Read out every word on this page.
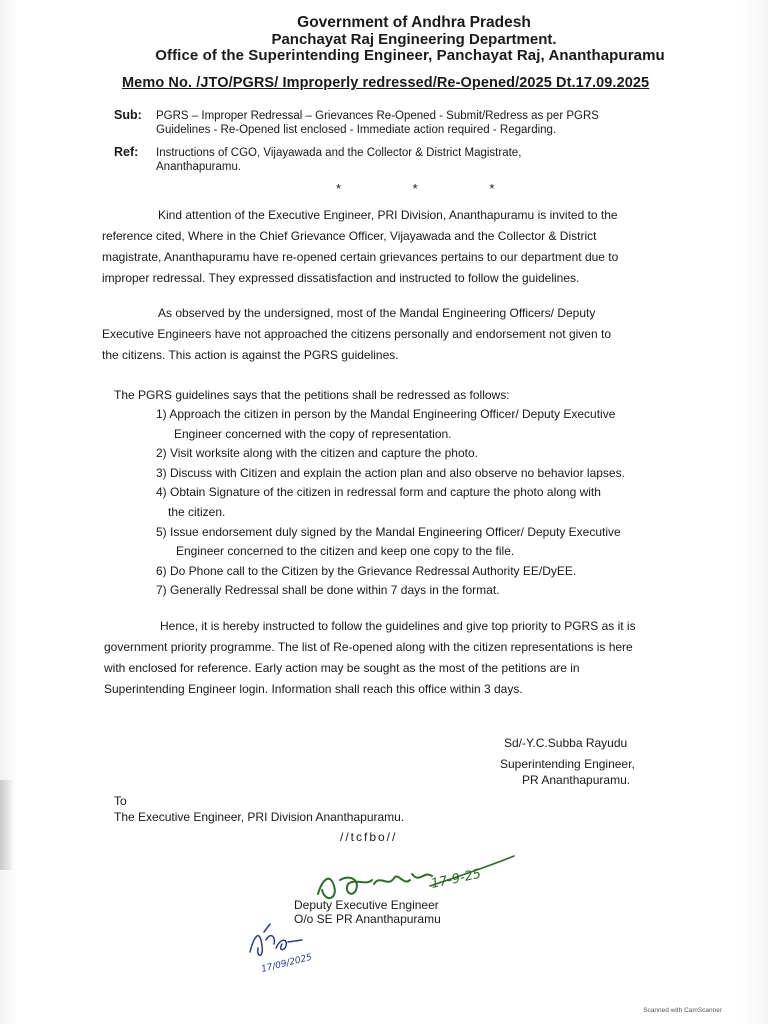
Government of Andhra Pradesh
Panchayat Raj Engineering Department.
Office of the Superintending Engineer, Panchayat Raj, Ananthapuramu
Memo No. /JTO/PGRS/ Improperly redressed/Re-Opened/2025 Dt.17.09.2025
Sub: PGRS – Improper Redressal – Grievances Re-Opened - Submit/Redress as per PGRS
Guidelines - Re-Opened list enclosed - Immediate action required - Regarding.
Ref: Instructions of CGO, Vijayawada and the Collector & District Magistrate,
Ananthapuramu.
* * *
Kind attention of the Executive Engineer, PRI Division, Ananthapuramu is invited to the
reference cited, Where in the Chief Grievance Officer, Vijayawada and the Collector & District
magistrate, Ananthapuramu have re-opened certain grievances pertains to our department due to
improper redressal. They expressed dissatisfaction and instructed to follow the guidelines.
As observed by the undersigned, most of the Mandal Engineering Officers/ Deputy
Executive Engineers have not approached the citizens personally and endorsement not given to
the citizens. This action is against the PGRS guidelines.
The PGRS guidelines says that the petitions shall be redressed as follows:
1) Approach the citizen in person by the Mandal Engineering Officer/ Deputy Executive
Engineer concerned with the copy of representation.
2) Visit worksite along with the citizen and capture the photo.
3) Discuss with Citizen and explain the action plan and also observe no behavior lapses.
4) Obtain Signature of the citizen in redressal form and capture the photo along with
the citizen.
5) Issue endorsement duly signed by the Mandal Engineering Officer/ Deputy Executive
Engineer concerned to the citizen and keep one copy to the file.
6) Do Phone call to the Citizen by the Grievance Redressal Authority EE/DyEE.
7) Generally Redressal shall be done within 7 days in the format.
Hence, it is hereby instructed to follow the guidelines and give top priority to PGRS as it is
government priority programme. The list of Re-opened along with the citizen representations is here
with enclosed for reference. Early action may be sought as the most of the petitions are in
Superintending Engineer login. Information shall reach this office within 3 days.
Sd/-Y.C.Subba Rayudu
Superintending Engineer,
PR Ananthapuramu.
To
The Executive Engineer, PRI Division Ananthapuramu.
//tcfbo//
17-9-25
Deputy Executive Engineer
O/o SE PR Ananthapuramu
17/09/2025
Scanned with CamScanner
